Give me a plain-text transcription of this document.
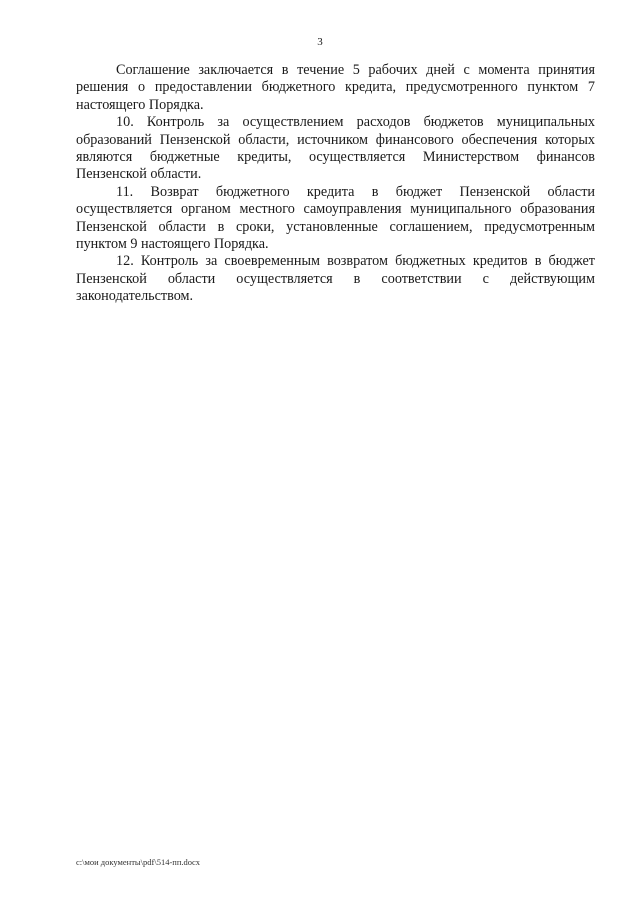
3

Соглашение заключается в течение 5 рабочих дней с момента принятия решения о предоставлении бюджетного кредита, предусмотренного пунктом 7 настоящего Порядка.

10. Контроль за осуществлением расходов бюджетов муниципальных образований Пензенской области, источником финансового обеспечения которых являются бюджетные кредиты, осуществляется Министерством финансов Пензенской области.

11. Возврат бюджетного кредита в бюджет Пензенской области осуществляется органом местного самоуправления муниципального образования Пензенской области в сроки, установленные соглашением, предусмотренным пунктом 9 настоящего Порядка.

12. Контроль за своевременным возвратом бюджетных кредитов в бюджет Пензенской области осуществляется в соответствии с действующим законодательством.

c:\мои документы\pdf\514-пп.docx
